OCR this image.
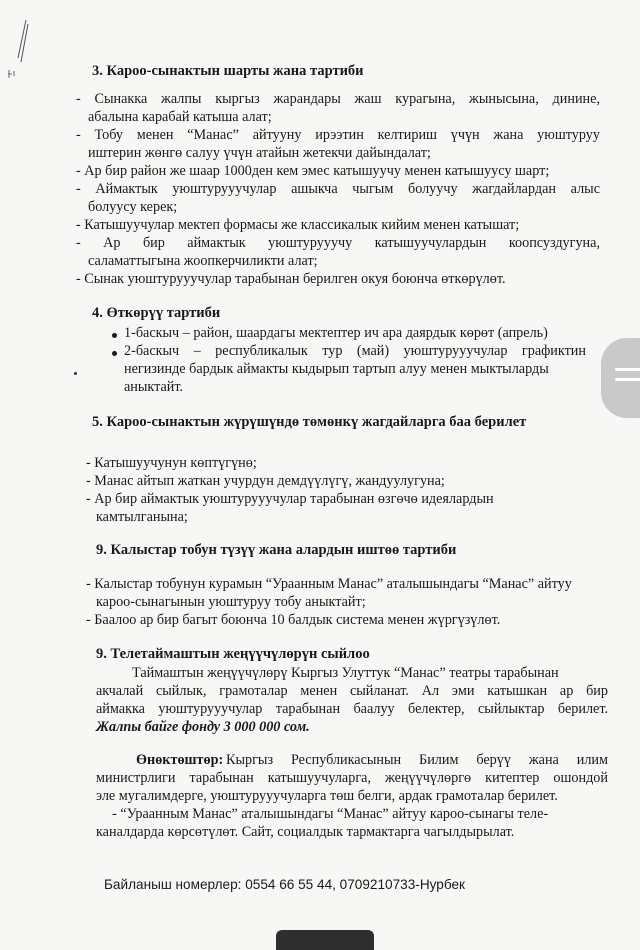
3. Кароо-сынактын шарты жана тартиби
- Сынакка жалпы кыргыз жарандары жаш курагына, жынысына, динине,
абалына карабай катыша алат;
- Тобу менен “Манас” айтууну ирээтин келтириш үчүн жана уюштуруу
иштерин жөнгө салуу үчүн атайын жетекчи дайындалат;
- Ар бир район же шаар 1000ден кем эмес катышуучу менен катышуусу шарт;
- Аймактык уюштурууучулар ашыкча чыгым болуучу жагдайлардан алыс
болуусу керек;
- Катышуучулар мектеп формасы же классикалык кийим менен катышат;
- Ар бир аймактык уюштурууучу катышуучулардын коопсуздугуна,
саламаттыгына жоопкерчиликти алат;
- Сынак уюштурууучулар тарабынан берилген окуя боюнча өткөрүлөт.
4. Өткөрүү тартиби
1-баскыч – район, шаардагы мектептер ич ара даярдык көрөт (апрель)
2-баскыч – республикалык тур (май) уюштурууучулар графиктин
негизинде бардык аймакты кыдырып тартып алуу менен мыктыларды
аныктайт.
5. Кароо-сынактын жүрүшүндө төмөнкү жагдайларга баа берилет
- Катышуучунун көптүгүнө;
- Манас айтып жаткан учурдун демдүүлүгү, жандуулугуна;
- Ар бир аймактык уюштурууучулар тарабынан өзгөчө идеялардын
камтылганына;
9. Калыстар тобун түзүү жана алардын иштөө тартиби
- Калыстар тобунун курамын “Ураанным Манас” аталышындагы “Манас” айтуу
кароо-сынагынын уюштуруу тобу аныктайт;
- Баалоо ар бир багыт боюнча 10 балдык система менен жүргүзүлөт.
9. Телетаймаштын жеңүүчүлөрүн сыйлоо
Таймаштын жеңүүчүлөрү Кыргыз Улуттук “Манас” театры тарабынан
акчалай сыйлык, грамоталар менен сыйланат. Ал эми катышкан ар бир
аймакка уюштурууучулар тарабынан баалуу белектер, сыйлыктар берилет.
Жалпы байге фонду 3 000 000 сом.
Өнөктөштөр: Кыргыз Республикасынын Билим берүү жана илим
министрлиги тарабынан катышуучуларга, жеңүүчүлөргө китептер ошондой
эле мугалимдерге, уюштурууучуларга төш белги, ардак грамоталар берилет.
- “Ураанным Манас” аталышындагы “Манас” айтуу кароо-сынагы теле-
каналдарда көрсөтүлөт. Сайт, социалдык тармактарга чагылдырылат.
Байланыш номерлер: 0554 66 55 44, 0709210733-Нурбек
